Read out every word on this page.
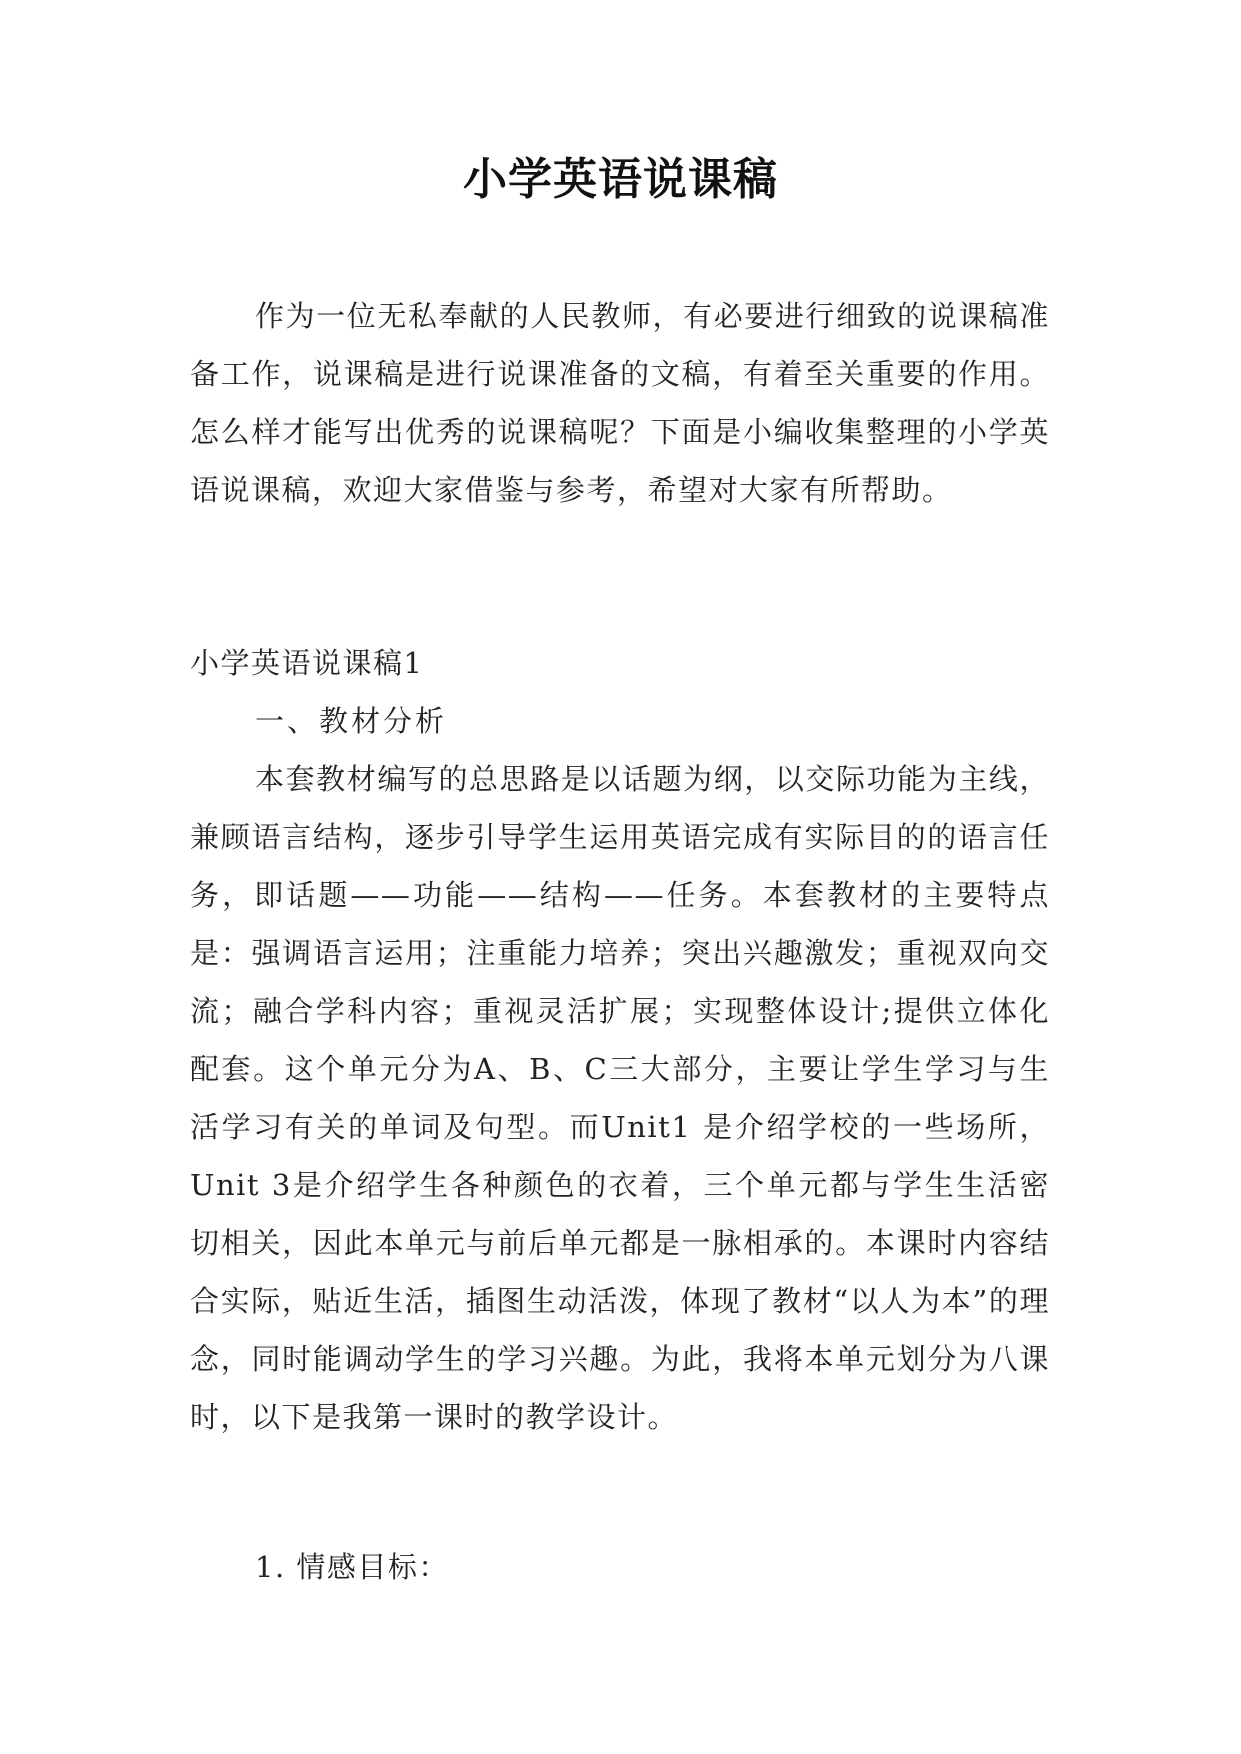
小学英语说课稿

作为一位无私奉献的人民教师，有必要进行细致的说课稿准备工作，说课稿是进行说课准备的文稿，有着至关重要的作用。怎么样才能写出优秀的说课稿呢？下面是小编收集整理的小学英语说课稿，欢迎大家借鉴与参考，希望对大家有所帮助。

小学英语说课稿1

一、教材分析

本套教材编写的总思路是以话题为纲，以交际功能为主线，兼顾语言结构，逐步引导学生运用英语完成有实际目的的语言任务，即话题——功能——结构——任务。本套教材的主要特点是：强调语言运用；注重能力培养；突出兴趣激发；重视双向交流；融合学科内容；重视灵活扩展；实现整体设计;提供立体化配套。这个单元分为A、B、C三大部分，主要让学生学习与生活学习有关的单词及句型。而Unit1 是介绍学校的一些场所，Unit 3是介绍学生各种颜色的衣着，三个单元都与学生生活密切相关，因此本单元与前后单元都是一脉相承的。本课时内容结合实际，贴近生活，插图生动活泼，体现了教材“以人为本”的理念，同时能调动学生的学习兴趣。为此，我将本单元划分为八课时，以下是我第一课时的教学设计。

1. 情感目标：
